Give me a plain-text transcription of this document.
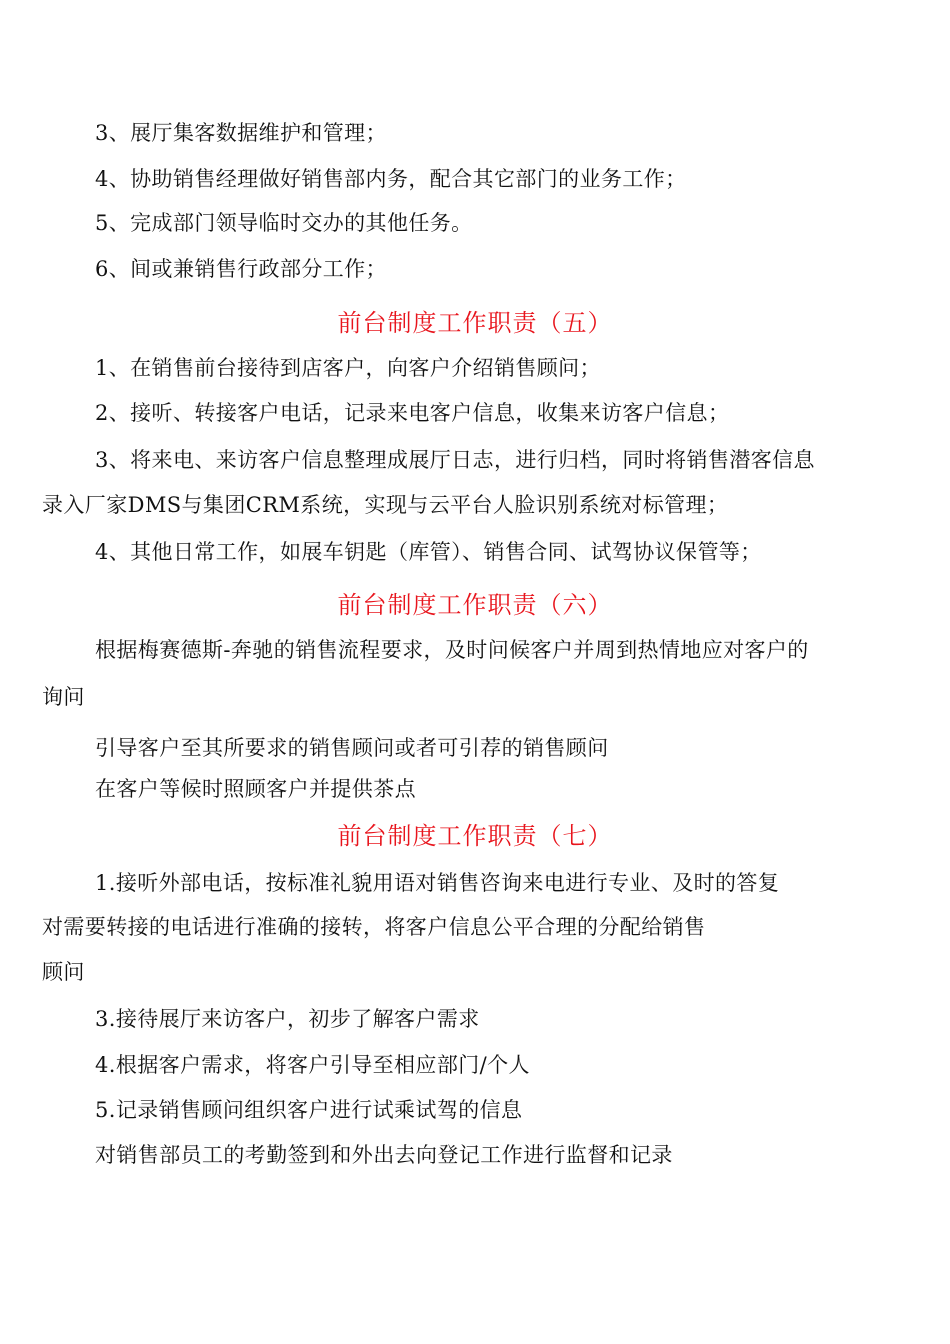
3、展厅集客数据维护和管理；
4、协助销售经理做好销售部内务，配合其它部门的业务工作；
5、完成部门领导临时交办的其他任务。
6、间或兼销售行政部分工作；
前台制度工作职责（五）
1、在销售前台接待到店客户，向客户介绍销售顾问；
2、接听、转接客户电话，记录来电客户信息，收集来访客户信息；
3、将来电、来访客户信息整理成展厅日志，进行归档，同时将销售潜客信息
录入厂家DMS与集团CRM系统，实现与云平台人脸识别系统对标管理；
4、其他日常工作，如展车钥匙（库管）、销售合同、试驾协议保管等；
前台制度工作职责（六）
根据梅赛德斯-奔驰的销售流程要求，及时问候客户并周到热情地应对客户的
询问
引导客户至其所要求的销售顾问或者可引荐的销售顾问
在客户等候时照顾客户并提供茶点
前台制度工作职责（七）
1.接听外部电话，按标准礼貌用语对销售咨询来电进行专业、及时的答复
对需要转接的电话进行准确的接转，将客户信息公平合理的分配给销售
顾问
3.接待展厅来访客户，初步了解客户需求
4.根据客户需求，将客户引导至相应部门/个人
5.记录销售顾问组织客户进行试乘试驾的信息
对销售部员工的考勤签到和外出去向登记工作进行监督和记录
